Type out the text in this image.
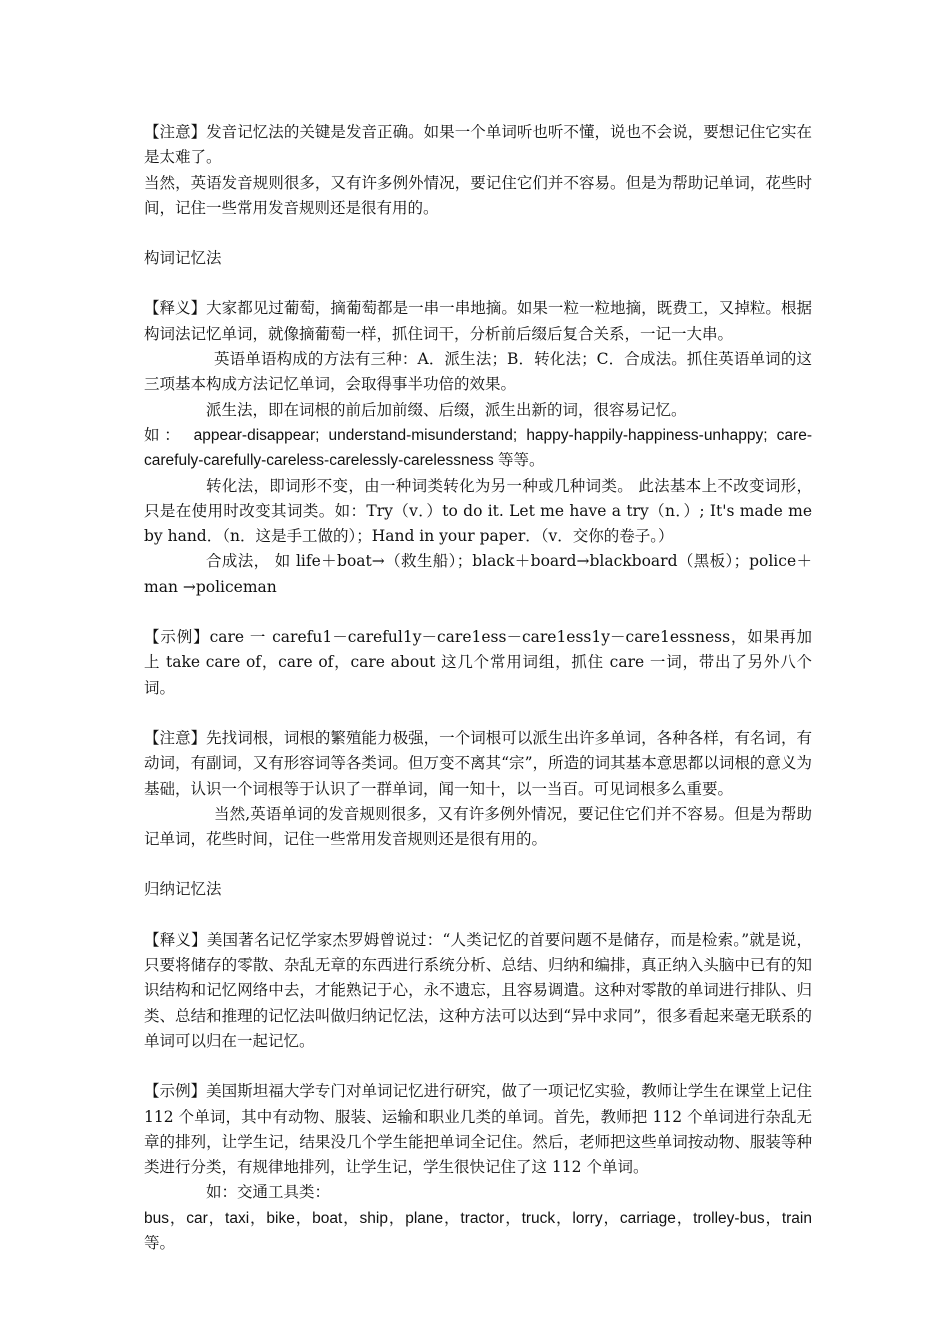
【注意】发音记忆法的关键是发音正确。如果一个单词听也听不懂，说也不会说，要想记住它实在是太难了。

当然，英语发音规则很多，又有许多例外情况，要记住它们并不容易。但是为帮助记单词，花些时间，记住一些常用发音规则还是很有用的。

构词记忆法

【释义】大家都见过葡萄，摘葡萄都是一串一串地摘。如果一粒一粒地摘，既费工，又掉粒。根据构词法记忆单词，就像摘葡萄一样，抓住词干，分析前后缀后复合关系，一记一大串。

英语单语构成的方法有三种：A．派生法；B．转化法；C．合成法。抓住英语单词的这三项基本构成方法记忆单词，会取得事半功倍的效果。

派生法，即在词根的前后加前缀、后缀，派生出新的词，很容易记忆。

如： appear-disappear; understand-misunderstand; happy-happily-happiness-unhappy; care-carefuly-carefully-careless-carelessly-carelessness 等等。

转化法，即词形不变，由一种词类转化为另一种或几种词类。 此法基本上不改变词形，只是在使用时改变其词类。如：Try（v．）to do it. Let me have a try（n．）; It's made me by hand．（n．这是手工做的）；Hand in your paper．（v．交你的卷子。）

合成法， 如 life＋boat→（救生船）；black＋board→blackboard（黑板）；police＋man →policeman

【示例】care 一 carefu1－careful1y－care1ess－care1ess1y－care1essness，如果再加上 take care of，care of，care about 这几个常用词组，抓住 care 一词，带出了另外八个词。

【注意】先找词根，词根的繁殖能力极强，一个词根可以派生出许多单词，各种各样，有名词，有动词，有副词，又有形容词等各类词。但万变不离其“宗”，所造的词其基本意思都以词根的意义为基础，认识一个词根等于认识了一群单词，闻一知十，以一当百。可见词根多么重要。

当然,英语单词的发音规则很多，又有许多例外情况，要记住它们并不容易。但是为帮助记单词，花些时间，记住一些常用发音规则还是很有用的。

归纳记忆法

【释义】美国著名记忆学家杰罗姆曾说过：“人类记忆的首要问题不是储存，而是检索。”就是说，只要将储存的零散、杂乱无章的东西进行系统分析、总结、归纳和编排，真正纳入头脑中已有的知识结构和记忆网络中去，才能熟记于心，永不遗忘，且容易调遣。这种对零散的单词进行排队、归类、总结和推理的记忆法叫做归纳记忆法，这种方法可以达到“异中求同”，很多看起来毫无联系的单词可以归在一起记忆。

【示例】美国斯坦福大学专门对单词记忆进行研究，做了一项记忆实验，教师让学生在课堂上记住 112 个单词，其中有动物、服装、运输和职业几类的单词。首先，教师把 112 个单词进行杂乱无章的排列，让学生记，结果没几个学生能把单词全记住。然后，老师把这些单词按动物、服装等种类进行分类，有规律地排列，让学生记，学生很快记住了这 112 个单词。

如：交通工具类：

bus，car，taxi，bike，boat，ship，plane，tractor，truck，lorry，carriage，trolley-bus，train 等。
